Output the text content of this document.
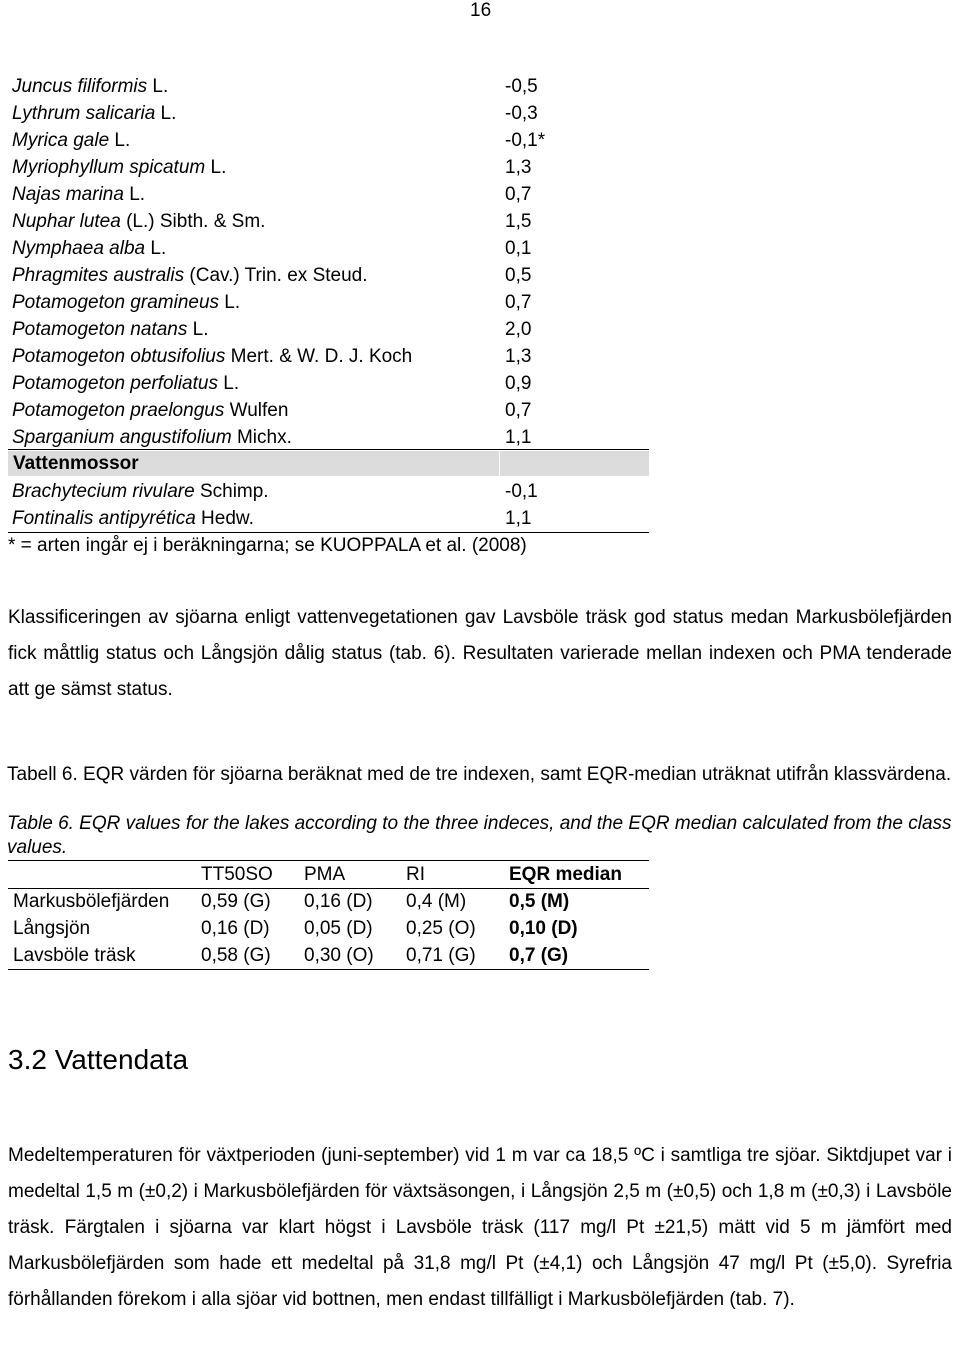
16
Juncus filiformis L.	-0,5
Lythrum salicaria L.	-0,3
Myrica gale L.	-0,1*
Myriophyllum spicatum L.	1,3
Najas marina L.	0,7
Nuphar lutea (L.) Sibth. & Sm.	1,5
Nymphaea alba L.	0,1
Phragmites australis (Cav.) Trin. ex Steud.	0,5
Potamogeton gramineus L.	0,7
Potamogeton natans L.	2,0
Potamogeton obtusifolius Mert. & W. D. J. Koch	1,3
Potamogeton perfoliatus L.	0,9
Potamogeton praelongus Wulfen	0,7
Sparganium angustifolium Michx.	1,1
Vattenmossor
Brachytecium rivulare Schimp.	-0,1
Fontinalis antipyrética Hedw.	1,1
* = arten ingår ej i beräkningarna; se KUOPPALA et al. (2008)
Klassificeringen av sjöarna enligt vattenvegetationen gav Lavsböle träsk god status medan Markusbölefjärden fick måttlig status och Långsjön dålig status (tab. 6). Resultaten varierade mellan indexen och PMA tenderade att ge sämst status.
Tabell 6. EQR värden för sjöarna beräknat med de tre indexen, samt EQR-median uträknat utifrån klassvärdena.
Table 6. EQR values for the lakes according to the three indeces, and the EQR median calculated from the class values.
TT50SO PMA	RI	EQR median
Markusbölefjärden 0,59 (G) 0,16 (D) 0,4 (M) 0,5 (M)
Långsjön	0,16 (D) 0,05 (D) 0,25 (O) 0,10 (D)
Lavsböle träsk	0,58 (G) 0,30 (O) 0,71 (G) 0,7 (G)
3.2 Vattendata
Medeltemperaturen för växtperioden (juni-september) vid 1 m var ca 18,5 ºC i samtliga tre sjöar. Siktdjupet var i medeltal 1,5 m (±0,2) i Markusbölefjärden för växtsäsongen, i Långsjön 2,5 m (±0,5) och 1,8 m (±0,3) i Lavsböle träsk. Färgtalen i sjöarna var klart högst i Lavsböle träsk (117 mg/l Pt ±21,5) mätt vid 5 m jämfört med Markusbölefjärden som hade ett medeltal på 31,8 mg/l Pt (±4,1) och Långsjön 47 mg/l Pt (±5,0). Syrefria förhållanden förekom i alla sjöar vid bottnen, men endast tillfälligt i Markusbölefjärden (tab. 7).
